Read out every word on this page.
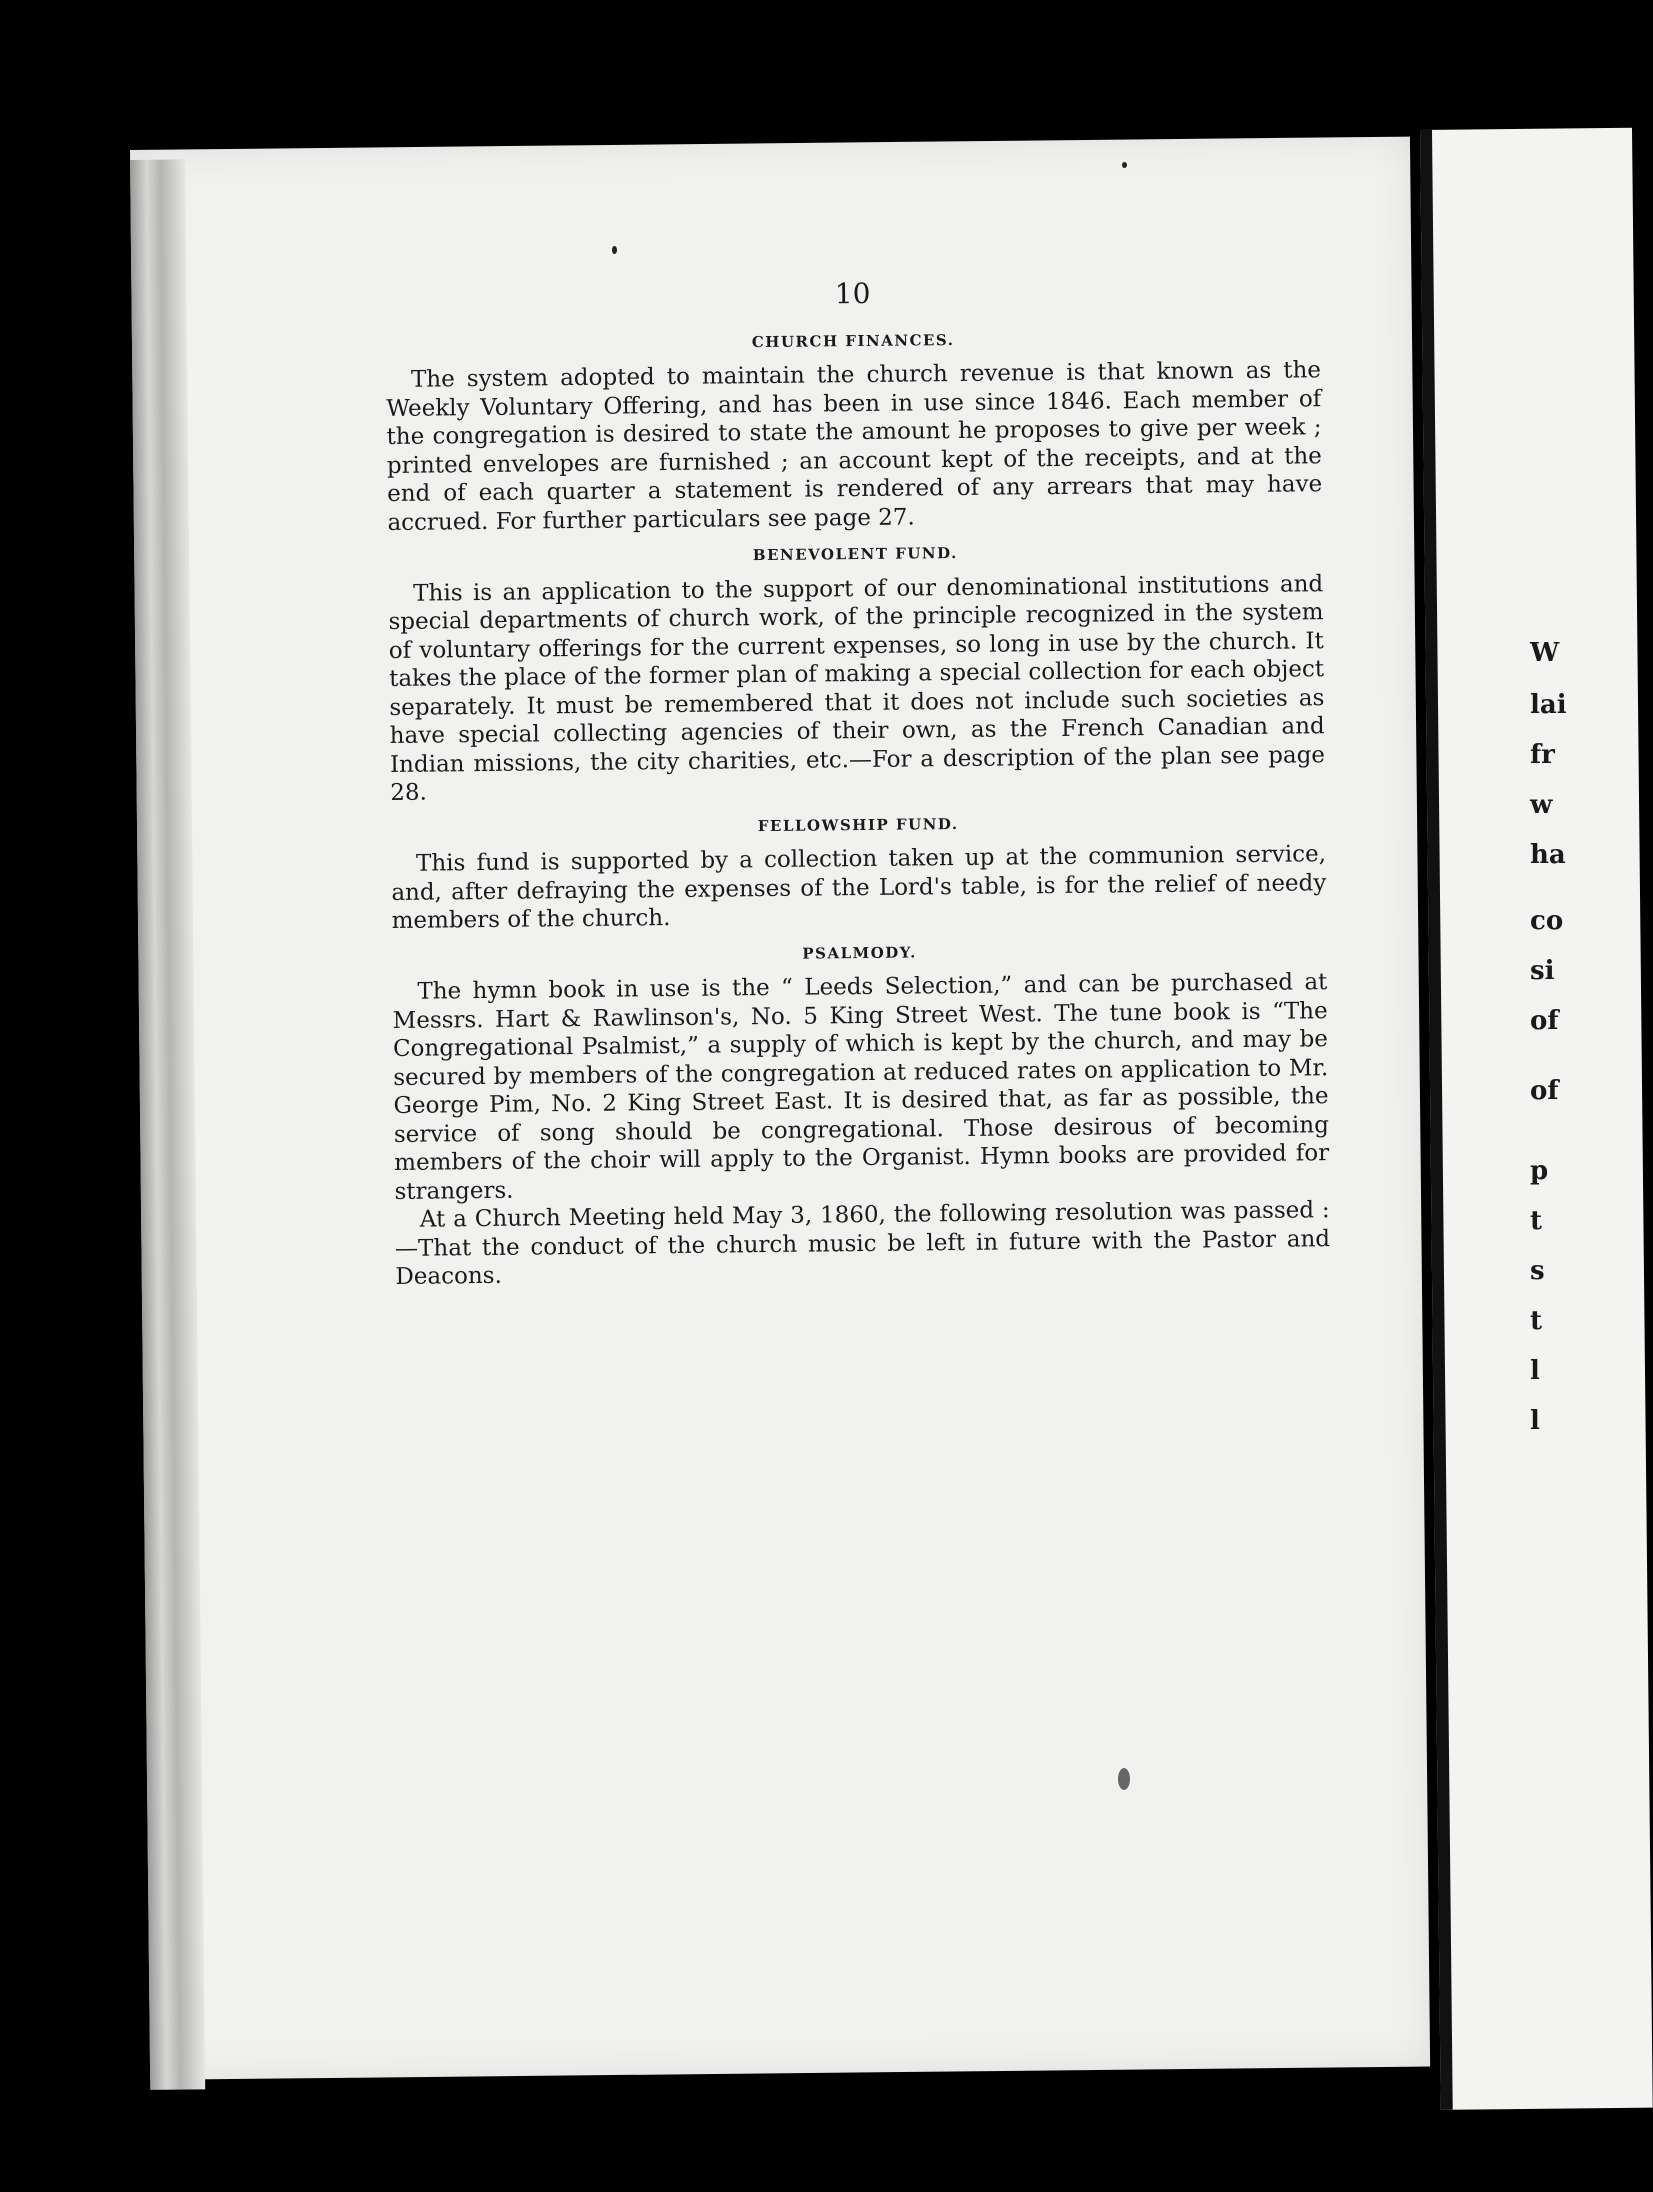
10
CHURCH FINANCES.

The system adopted to maintain the church revenue is that known as the Weekly Voluntary Offering, and has been in use since 1846. Each member of the congregation is desired to state the amount he proposes to give per week ; printed envelopes are furnished ; an account kept of the receipts, and at the end of each quarter a statement is rendered of any arrears that may have accrued. For further particulars see page 27.

BENEVOLENT FUND.

This is an application to the support of our denominational institutions and special departments of church work, of the principle recognized in the system of voluntary offerings for the current expenses, so long in use by the church. It takes the place of the former plan of making a special collection for each object separately. It must be remembered that it does not include such societies as have special collecting agencies of their own, as the French Canadian and Indian missions, the city charities, etc.—For a description of the plan see page 28.

FELLOWSHIP FUND.

This fund is supported by a collection taken up at the communion service, and, after defraying the expenses of the Lord's table, is for the relief of needy members of the church.

PSALMODY.

The hymn book in use is the “ Leeds Selection,” and can be purchased at Messrs. Hart & Rawlinson's, No. 5 King Street West. The tune book is “The Congregational Psalmist,” a supply of which is kept by the church, and may be secured by members of the congregation at reduced rates on application to Mr. George Pim, No. 2 King Street East. It is desired that, as far as possible, the service of song should be congregational. Those desirous of becoming members of the choir will apply to the Organist. Hymn books are provided for strangers.

At a Church Meeting held May 3, 1860, the following resolution was passed :—That the conduct of the church music be left in future with the Pastor and Deacons.

W
lai
fr
w
ha
co
si
of
of
p
t
s
t
l
l
